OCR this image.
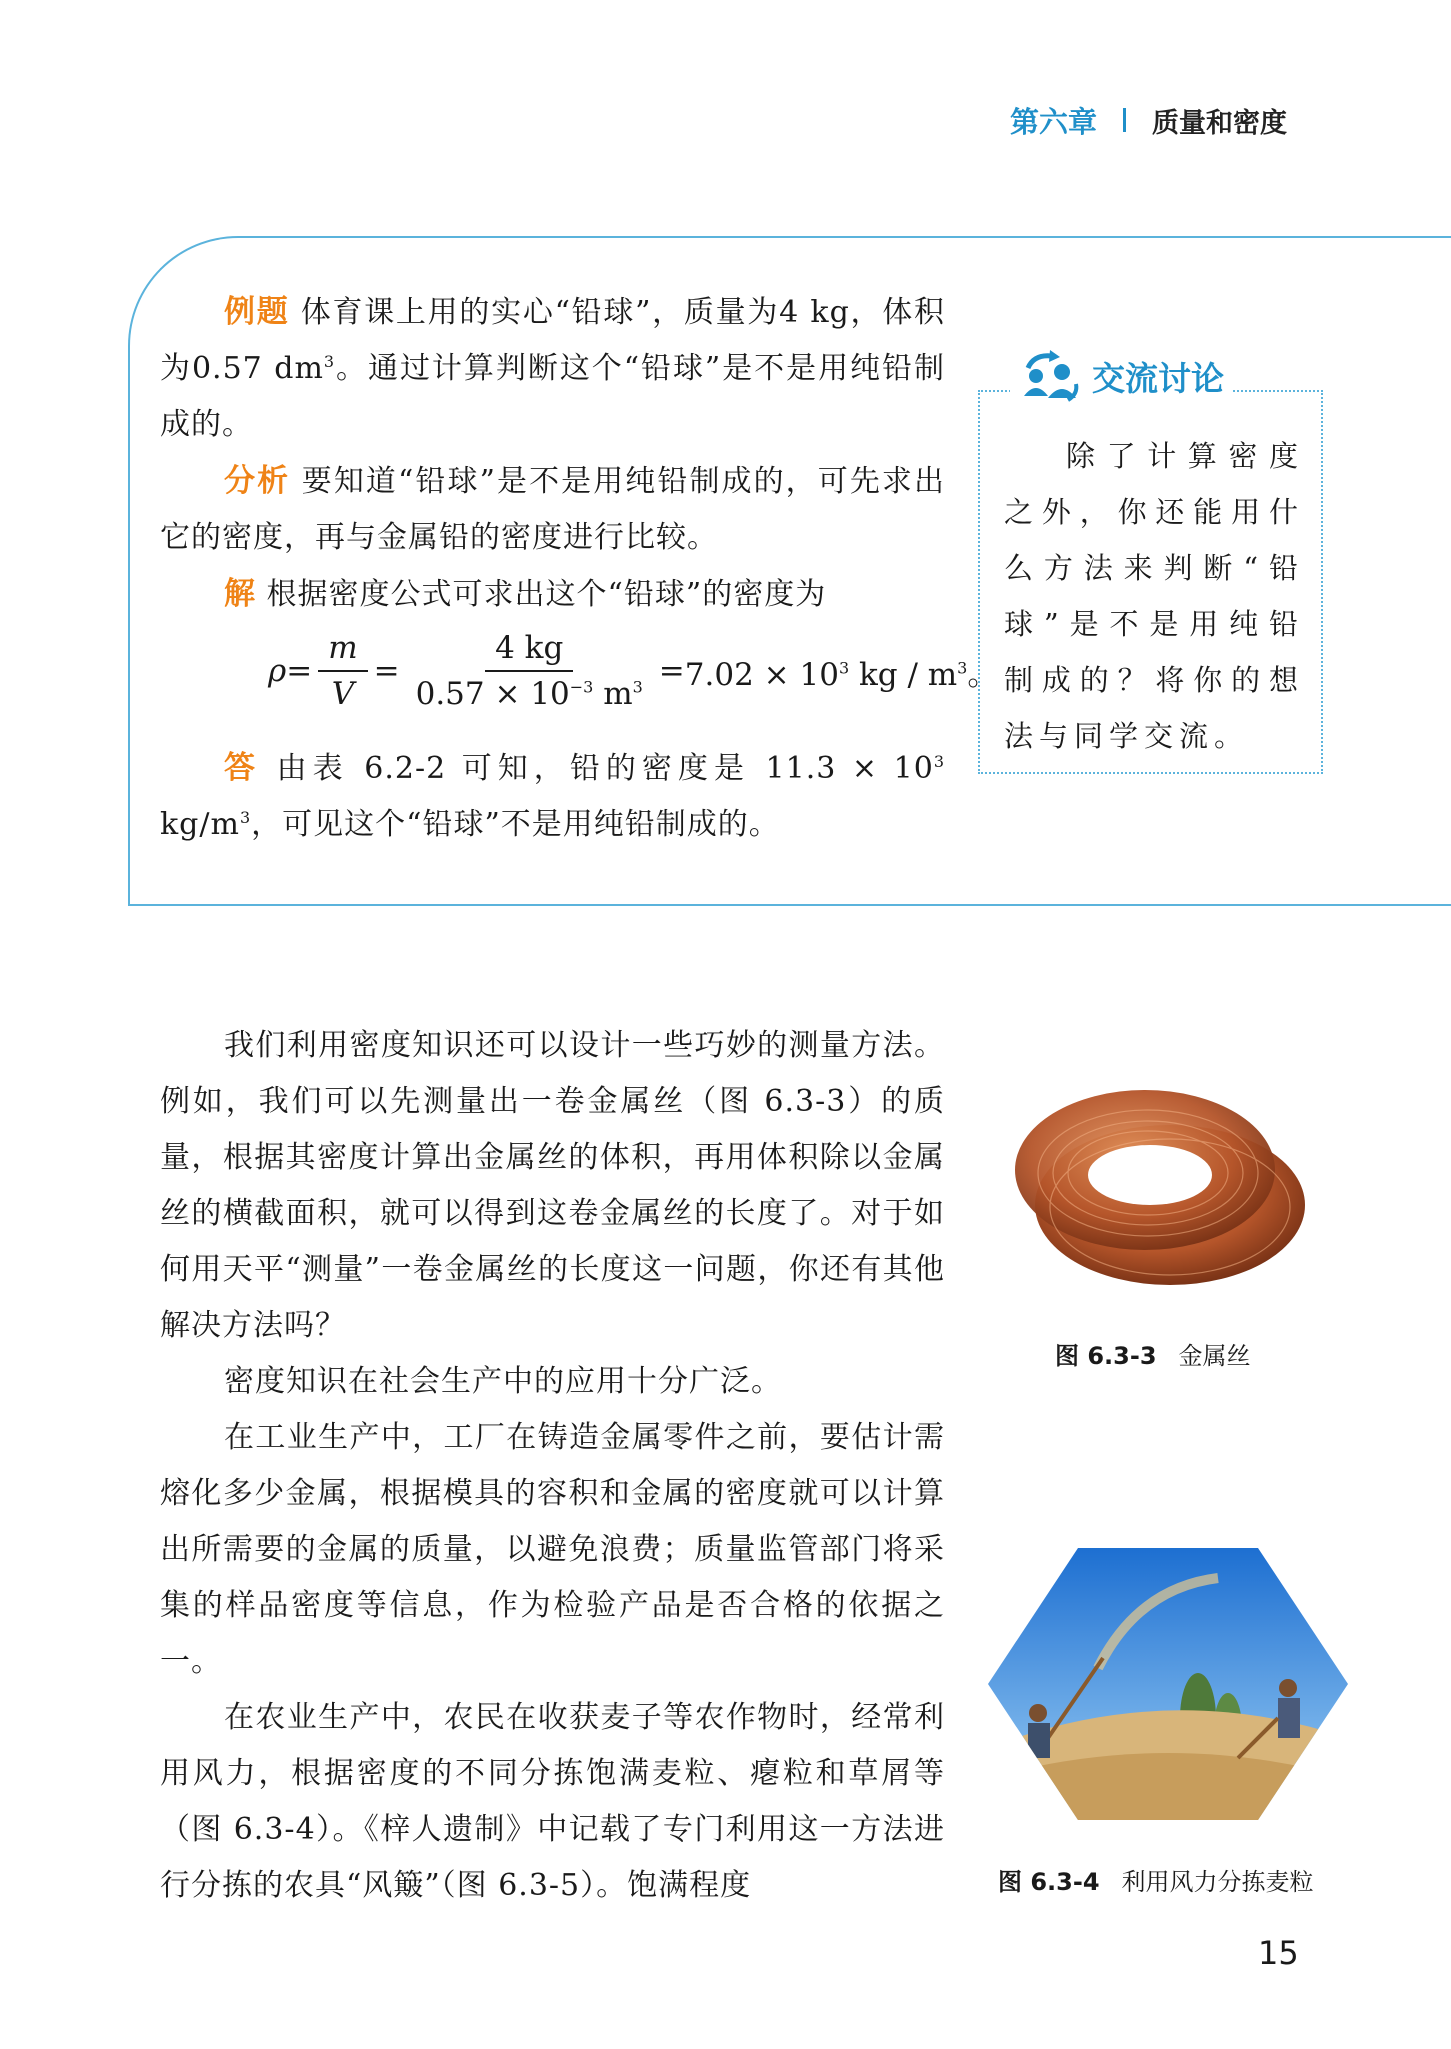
第六章 质量和密度

例题 体育课上用的实心“铅球”，质量为4 kg，体积为0.57 $dm^3$。通过计算判断这个“铅球”是不是用纯铅制成的。

分析 要知道“铅球”是不是用纯铅制成的，可先求出它的密度，再与金属铅的密度进行比较。

解 根据密度公式可求出这个“铅球”的密度为

$\rho = \frac{m}{V} = \frac{4 kg}{0.57 \times 10^{-3} m^3} = 7.02 \times 10^3$ kg / $m^3$。

答 由表 6.2-2 可知，铅的密度是 $11.3 \times 10^3$ $kg/m^3$，可见这个“铅球”不是用纯铅制成的。

交流讨论

除了计算密度之外，你还能用什么方法来判断“铅球”是不是用纯铅制成的？将你的想法与同学交流。

我们利用密度知识还可以设计一些巧妙的测量方法。例如，我们可以先测量出一卷金属丝（图 6.3-3）的质量，根据其密度计算出金属丝的体积，再用体积除以金属丝的横截面积，就可以得到这卷金属丝的长度了。对于如何用天平“测量”一卷金属丝的长度这一问题，你还有其他解决方法吗？

密度知识在社会生产中的应用十分广泛。

在工业生产中，工厂在铸造金属零件之前，要估计需熔化多少金属，根据模具的容积和金属的密度就可以计算出所需要的金属的质量，以避免浪费；质量监管部门将采集的样品密度等信息，作为检验产品是否合格的依据之一。

在农业生产中，农民在收获麦子等农作物时，经常利用风力，根据密度的不同分拣饱满麦粒、瘪粒和草屑等（图 6.3-4）。《梓人遗制》中记载了专门利用这一方法进行分拣的农具“风簸”（图 6.3-5）。饱满程度

图 6.3-3 金属丝
图 6.3-4 利用风力分拣麦粒
15
